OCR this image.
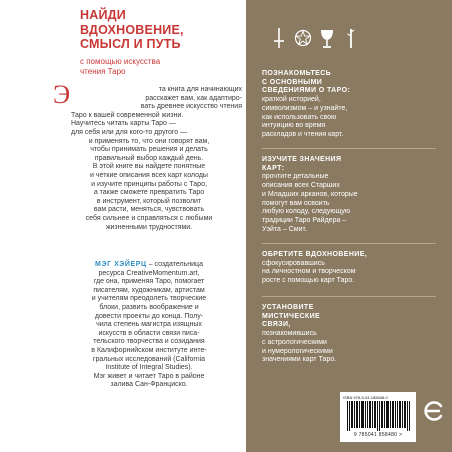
НАЙДИ
ВДОХНОВЕНИЕ,
СМЫСЛ И ПУТЬ
с помощью искусства
чтения Таро
Э	та книга для начинающих
расскажет вам, как адаптиро-
вать древнее искусство чтения
Таро к вашей современной жизни.
Научитесь читать карты Таро —
для себя или для кого-то другого —
и применять то, что они говорят вам,
чтобы принимать решения и делать
правильный выбор каждый день.
В этой книге вы найдете понятные
и четкие описания всех карт колоды
и изучите принципы работы с Таро,
а также сможете превратить Таро
в инструмент, который позволит
вам расти, меняться, чувствовать
себя сильнее и справляться с любыми
жизненными трудностями.
МЭГ ХЭЙЕРЦ – создательница
ресурса CreativeMomentum.art,
где она, применяя Таро, помогает
писателям, художникам, артистам
и учителям преодолеть творческие
блоки, развить воображение и
довести проекты до конца. Полу-
чила степень магистра изящных
искусств в области связи писа-
тельского творчества и созидания
в Калифорнийском институте инте-
гральных исследований (California
Institute of Integral Studies).
Мэг живет и читает Таро в районе
залива Сан-Франциско.
ПОЗНАКОМЬТЕСЬ
С ОСНОВНЫМИ
СВЕДЕНИЯМИ О ТАРО:
краткой историей,
символизмом – и узнайте,
как использовать свою
интуицию во время
раскладов и чтения карт.
ИЗУЧИТЕ ЗНАЧЕНИЯ
КАРТ:
прочтите детальные
описания всех Старших
и Младших арканов, которые
помогут вам освоить
любую колоду, следующую
традиции Таро Райдера –
Уэйта – Смит.
ОБРЕТИТЕ ВДОХНОВЕНИЕ,
сфокусировавшись
на личностном и творческом
росте с помощью карт Таро.
УСТАНОВИТЕ
МИСТИЧЕСКИЕ
СВЯЗИ,
познакомившись
с астрологическими
и нумерологическими
значениями карт Таро.
ISBN 978-5-04-185848-0
9 785041 858480 >
